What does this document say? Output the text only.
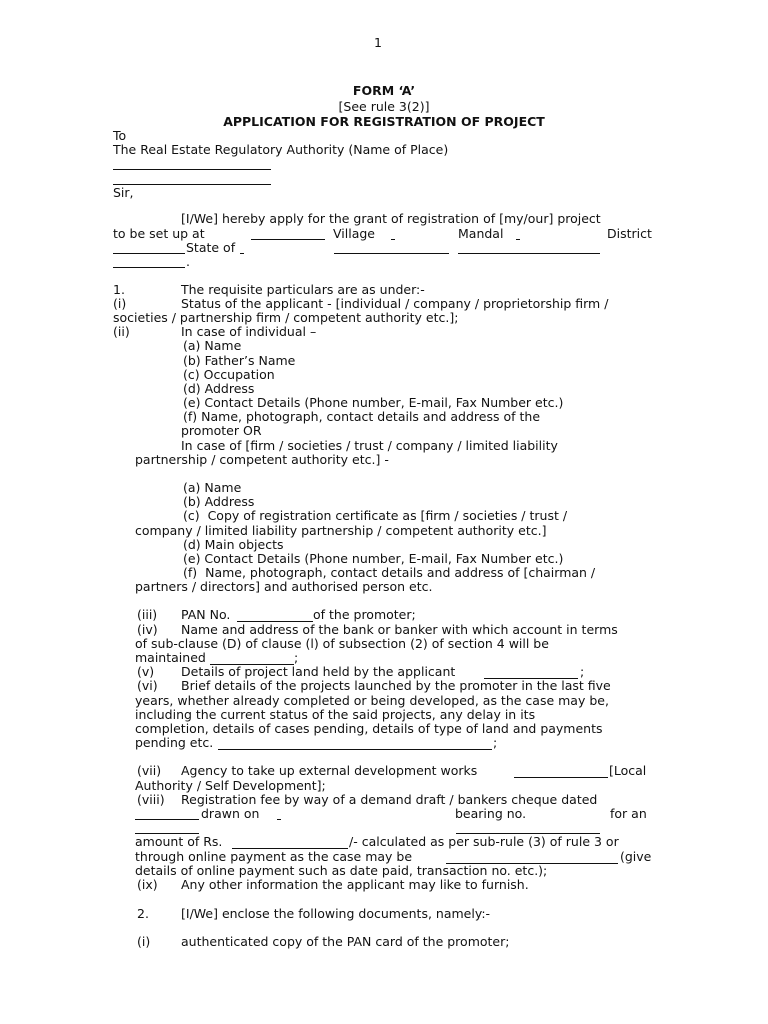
1
FORM ‘A’
[See rule 3(2)]
APPLICATION FOR REGISTRATION OF PROJECT
To
The Real Estate Regulatory Authority (Name of Place)
Sir,
[I/We] hereby apply for the grant of registration of [my/our] project
to be set up at	Village	Mandal	District
State of
.
1.	The requisite particulars are as under:-
(i)	Status of the applicant - [individual / company / proprietorship firm /
societies / partnership firm / competent authority etc.];
(ii)	In case of individual –
(a) Name
(b) Father’s Name
(c) Occupation
(d) Address
(e) Contact Details (Phone number, E-mail, Fax Number etc.)
(f) Name, photograph, contact details and address of the
promoter OR
In case of [firm / societies / trust / company / limited liability
partnership / competent authority etc.] -
(a) Name
(b) Address
(c)  Copy of registration certificate as [firm / societies / trust /
company / limited liability partnership / competent authority etc.]
(d) Main objects
(e) Contact Details (Phone number, E-mail, Fax Number etc.)
(f)  Name, photograph, contact details and address of [chairman /
partners / directors] and authorised person etc.
(iii) PAN No.	of the promoter;
(iv) Name and address of the bank or banker with which account in terms
of sub-clause (D) of clause (l) of subsection (2) of section 4 will be
maintained	;
(v) Details of project land held by the applicant	;
(vi) Brief details of the projects launched by the promoter in the last five
years, whether already completed or being developed, as the case may be,
including the current status of the said projects, any delay in its
completion, details of cases pending, details of type of land and payments
pending etc.	;
(vii) Agency to take up external development works	[Local
Authority / Self Development];
(viii) Registration fee by way of a demand draft / bankers cheque dated
drawn on	bearing no.	for an
amount of Rs.	/- calculated as per sub-rule (3) of rule 3 or
through online payment as the case may be	(give
details of online payment such as date paid, transaction no. etc.);
(ix) Any other information the applicant may like to furnish.
2.	[I/We] enclose the following documents, namely:-
(i) authenticated copy of the PAN card of the promoter;
